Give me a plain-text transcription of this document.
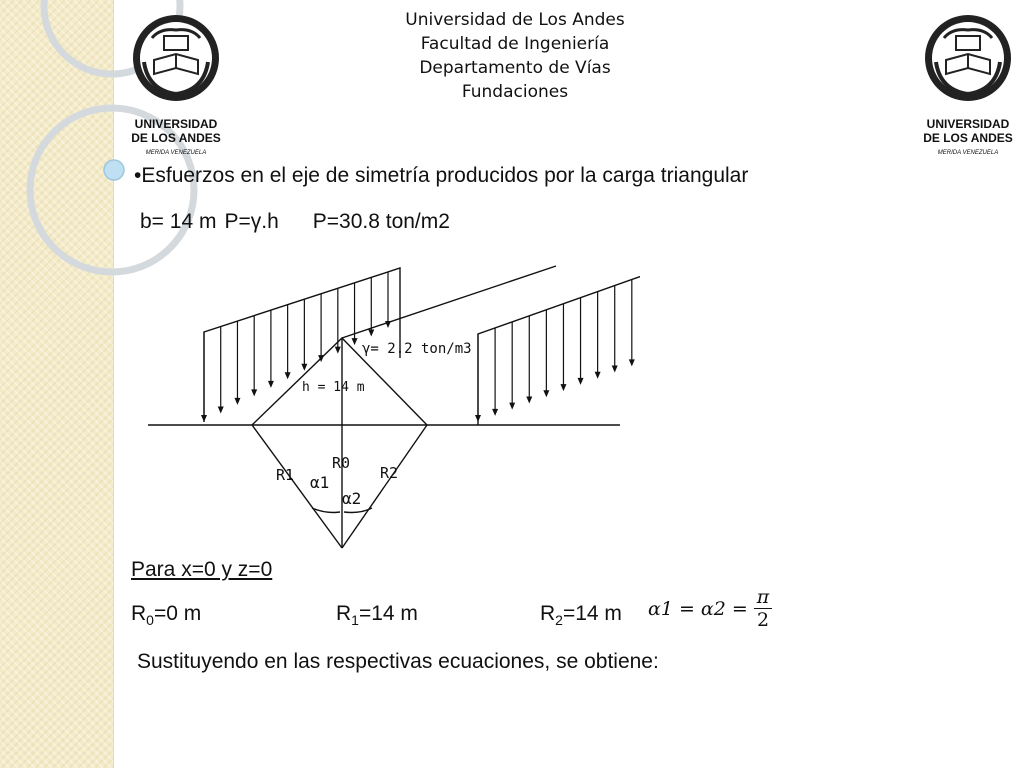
Universidad de Los Andes
Facultad de Ingeniería
Departamento de Vías
Fundaciones
UNIVERSIDAD
DE LOS ANDES
MERIDA VENEZUELA
UNIVERSIDAD
DE LOS ANDES
MERIDA VENEZUELA
•Esfuerzos en el eje de simetría producidos por la carga triangular
b= 14 m P=γ.h P=30.8 ton/m2
γ= 2.2 ton/m3
h = 14 m
R0
R1	R2
α1
α2
Para x=0 y z=0
$R_0=0$ m	$R_1=14$ m	$R_2=14$ m $\alpha 1 = \alpha 2 = \frac{\pi}{2}$
Sustituyendo en las respectivas ecuaciones, se obtiene:
